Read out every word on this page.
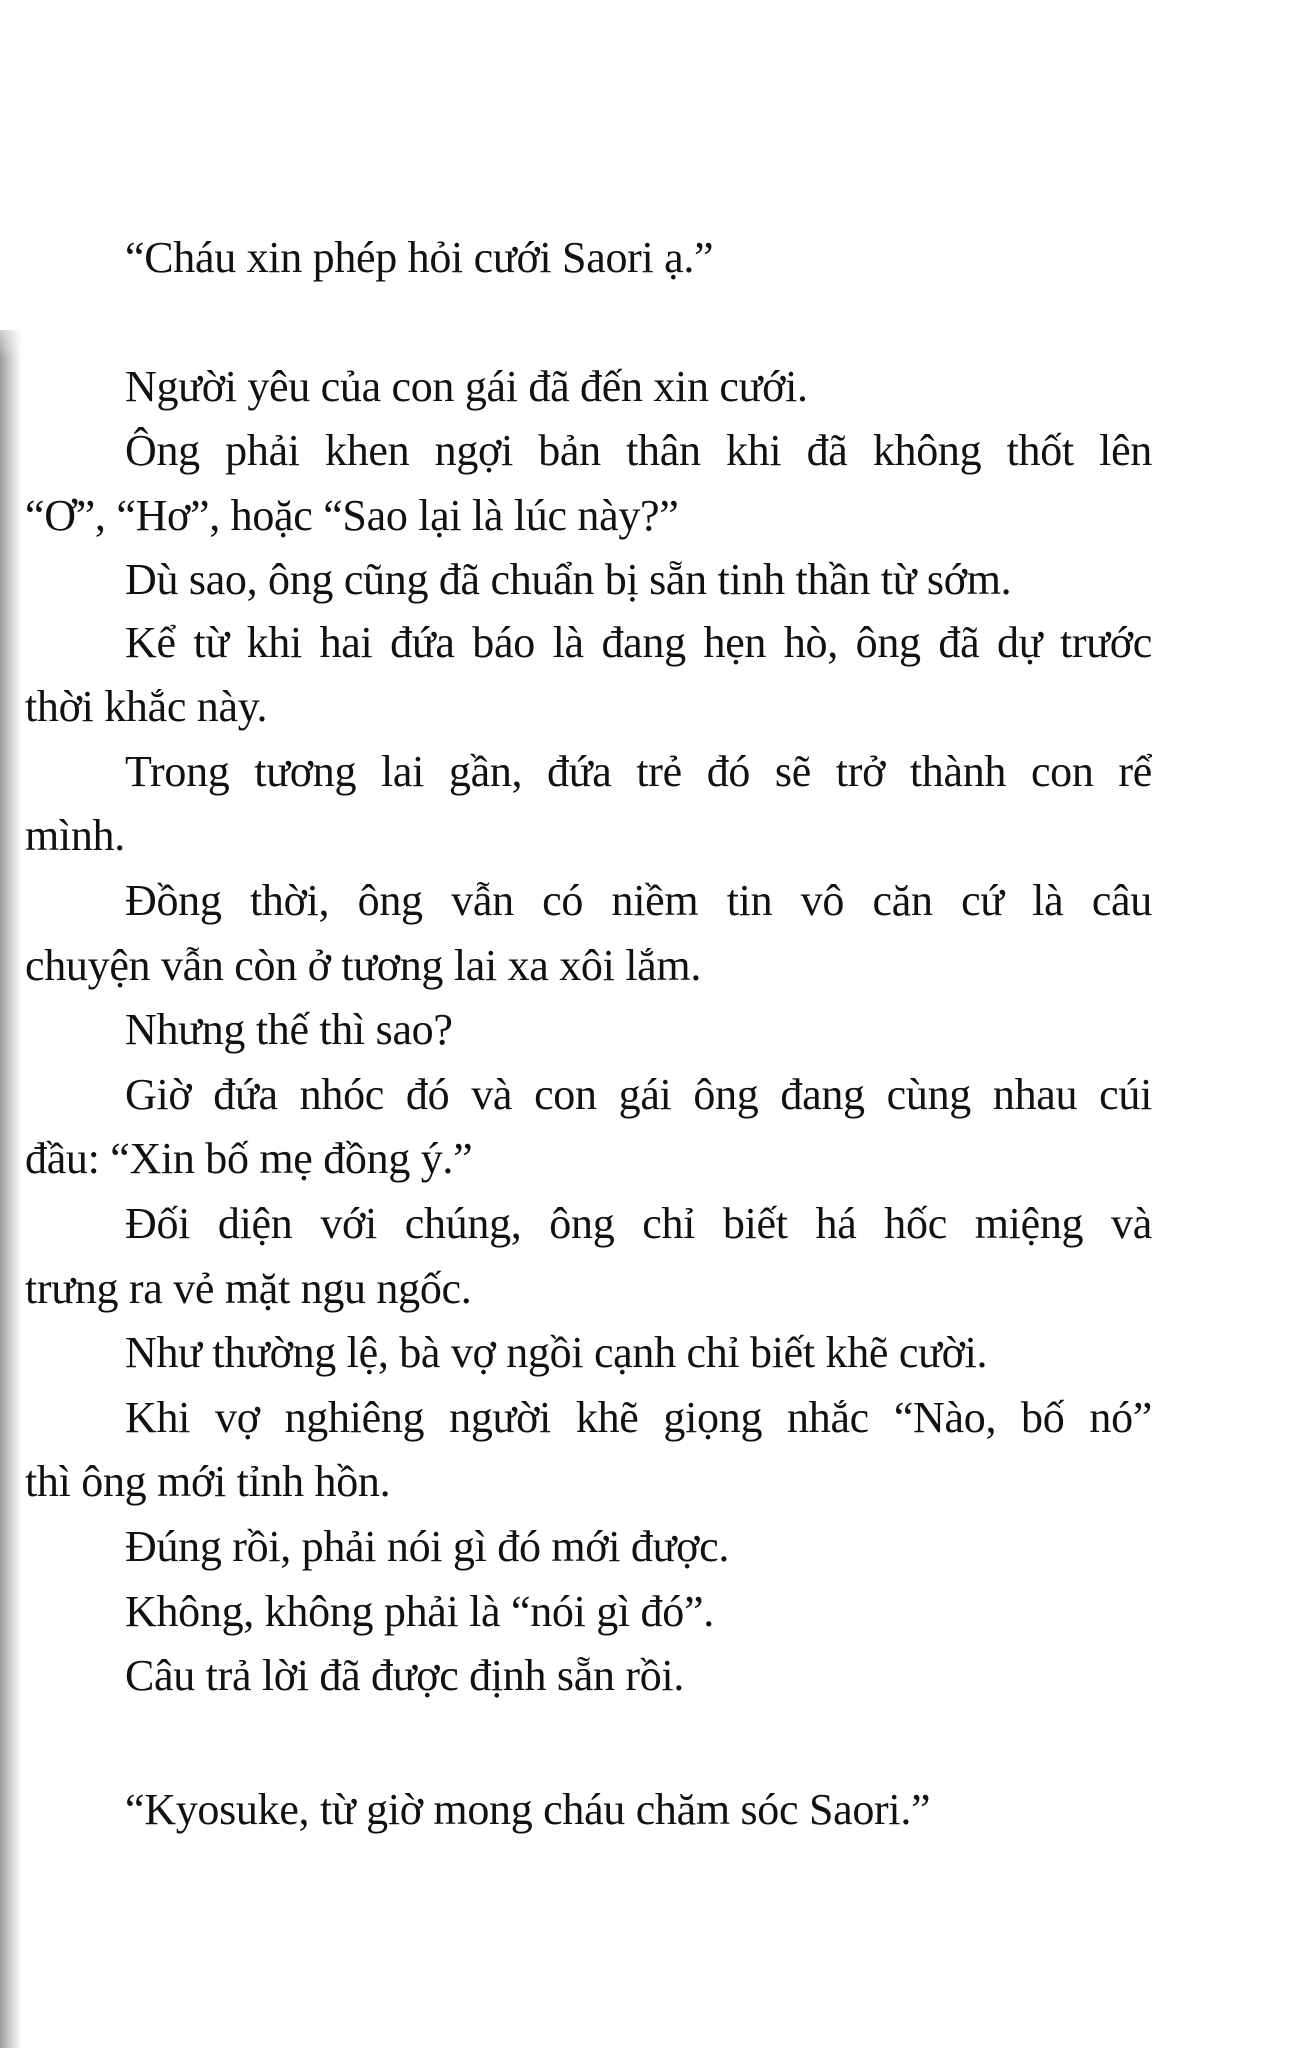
“Cháu xin phép hỏi cưới Saori ạ.”
Người yêu của con gái đã đến xin cưới.
Ông phải khen ngợi bản thân khi đã không thốt lên
“Ơ”, “Hơ”, hoặc “Sao lại là lúc này?”
Dù sao, ông cũng đã chuẩn bị sẵn tinh thần từ sớm.
Kể từ khi hai đứa báo là đang hẹn hò, ông đã dự trước
thời khắc này.
Trong tương lai gần, đứa trẻ đó sẽ trở thành con rể
mình.
Đồng thời, ông vẫn có niềm tin vô căn cứ là câu
chuyện vẫn còn ở tương lai xa xôi lắm.
Nhưng thế thì sao?
Giờ đứa nhóc đó và con gái ông đang cùng nhau cúi
đầu: “Xin bố mẹ đồng ý.”
Đối diện với chúng, ông chỉ biết há hốc miệng và
trưng ra vẻ mặt ngu ngốc.
Như thường lệ, bà vợ ngồi cạnh chỉ biết khẽ cười.
Khi vợ nghiêng người khẽ giọng nhắc “Nào, bố nó”
thì ông mới tỉnh hồn.
Đúng rồi, phải nói gì đó mới được.
Không, không phải là “nói gì đó”.
Câu trả lời đã được định sẵn rồi.
“Kyosuke, từ giờ mong cháu chăm sóc Saori.”
